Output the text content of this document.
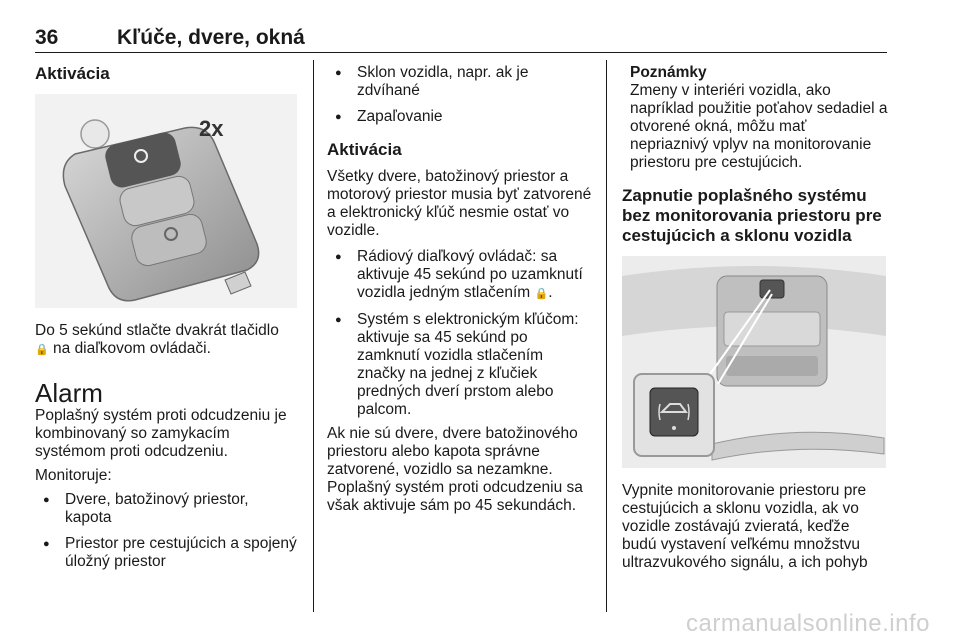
36	Kľúče, dvere, okná
Aktivácia
2x

Do 5 sekúnd stlačte dvakrát tlačidlo
🔒 na diaľkovom ovládači.

Alarm

Poplašný systém proti odcudzeniu je kombinovaný so zamykacím systémom proti odcudzeniu.

Monitoruje:

● Dvere, batožinový priestor, kapota
● Priestor pre cestujúcich a spojený úložný priestor
● Sklon vozidla, napr. ak je zdvíhané
● Zapaľovanie
Aktivácia

Všetky dvere, batožinový priestor a motorový priestor musia byť zatvorené a elektronický kľúč nesmie ostať vo vozidle.

● Rádiový diaľkový ovládač: sa aktivuje 45 sekúnd po uzamknutí vozidla jedným stlačením 🔒.
● Systém s elektronickým kľúčom: aktivuje sa 45 sekúnd po zamknutí vozidla stlačením značky na jednej z kľučiek predných dverí prstom alebo palcom.

Ak nie sú dvere, dvere batožinového priestoru alebo kapota správne zatvorené, vozidlo sa nezamkne. Poplašný systém proti odcudzeniu sa však aktivuje sám po 45 sekundách.

Poznámky

Zmeny v interiéri vozidla, ako napríklad použitie poťahov sedadiel a otvorené okná, môžu mať nepriaznivý vplyv na monitorovanie priestoru pre cestujúcich.

Zapnutie poplašného systému bez monitorovania priestoru pre cestujúcich a sklonu vozidla

Vypnite monitorovanie priestoru pre cestujúcich a sklonu vozidla, ak vo vozidle zostávajú zvieratá, keďže budú vystavení veľkému množstvu ultrazvukového signálu, a ich pohyb

carmanualsonline.info
